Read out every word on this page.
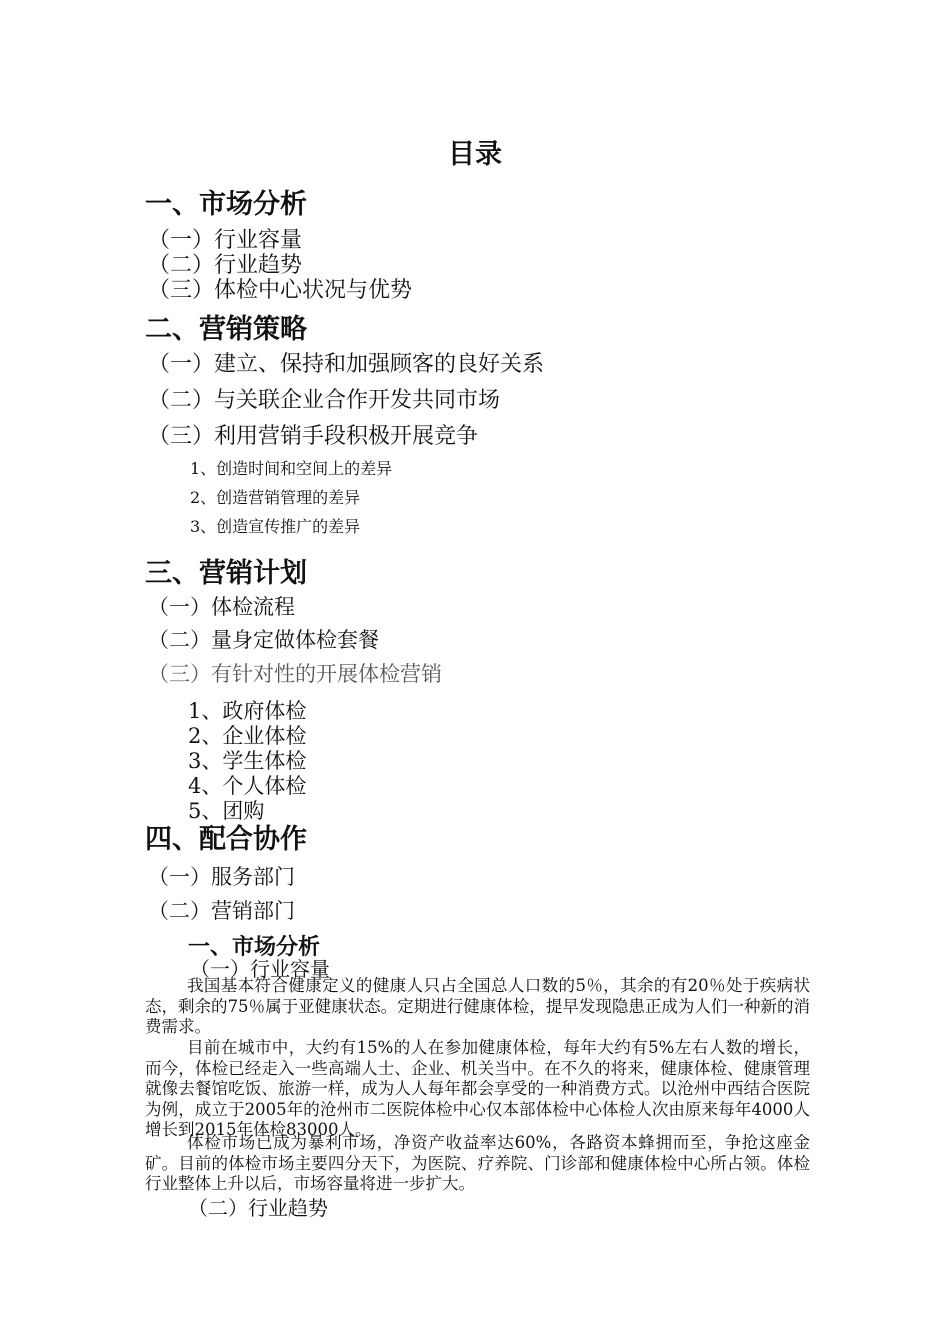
目录
一、市场分析
（一）行业容量
（二）行业趋势
（三）体检中心状况与优势
二、营销策略
（一）建立、保持和加强顾客的良好关系
（二）与关联企业合作开发共同市场
（三）利用营销手段积极开展竞争
1、创造时间和空间上的差异
2、创造营销管理的差异
3、创造宣传推广的差异
三、营销计划
（一）体检流程
（二）量身定做体检套餐
（三）有针对性的开展体检营销
1、政府体检
2、企业体检
3、学生体检
4、个人体检
5、团购
四、配合协作
（一）服务部门
（二）营销部门
一、市场分析
（一）行业容量
我国基本符合健康定义的健康人只占全国总人口数的5％，其余的有20％处于疾病状态，剩余的75％属于亚健康状态。定期进行健康体检，提早发现隐患正成为人们一种新的消费需求。
目前在城市中，大约有15%的人在参加健康体检，每年大约有5%左右人数的增长，而今，体检已经走入一些高端人士、企业、机关当中。在不久的将来，健康体检、健康管理就像去餐馆吃饭、旅游一样，成为人人每年都会享受的一种消费方式。以沧州中西结合医院为例，成立于2005年的沧州市二医院体检中心仅本部体检中心体检人次由原来每年4000人增长到2015年体检83000人。
体检市场已成为暴利市场，净资产收益率达60%，各路资本蜂拥而至，争抢这座金矿。目前的体检市场主要四分天下，为医院、疗养院、门诊部和健康体检中心所占领。体检行业整体上升以后，市场容量将进一步扩大。
（二）行业趋势
